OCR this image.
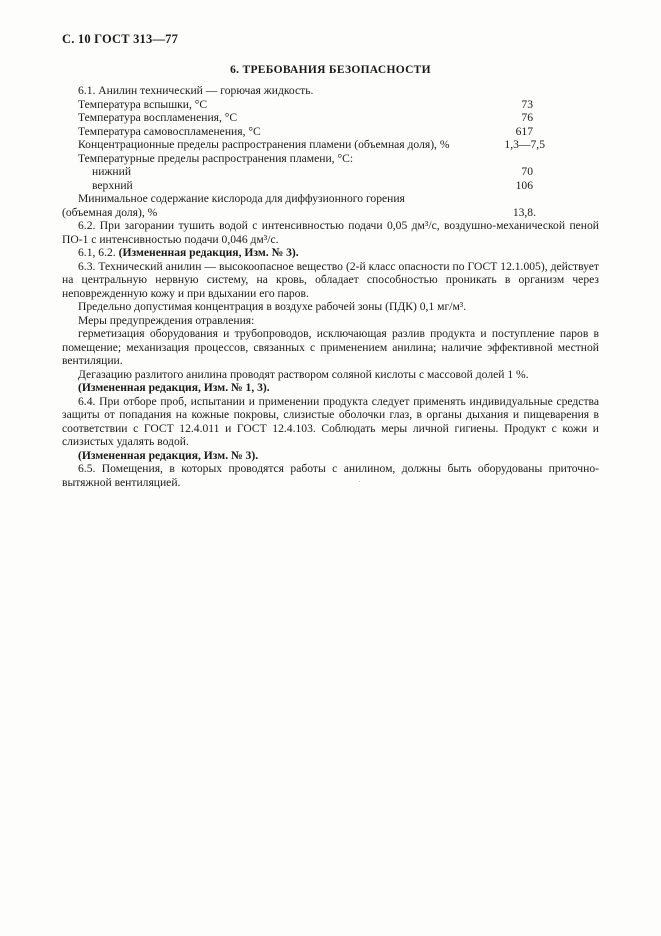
С. 10 ГОСТ 313—77
6. ТРЕБОВАНИЯ БЕЗОПАСНОСТИ

6.1. Анилин технический — горючая жидкость.

Температура вспышки, °С	73
Температура воспламенения, °С	76
Температура самовоспламенения, °С	617
Концентрационные пределы распространения пламени (объемная доля), %	1,3—7,5

Температурные пределы распространения пламени, °С:

нижний	70
верхний	106

Минимальное содержание кислорода для диффузионного горения

(объемная доля), %	13,8.

6.2. При загорании тушить водой с интенсивностью подачи 0,05 дм³/с, воздушно-механической пеной ПО-1 с интенсивностью подачи 0,046 дм³/с.

6.1, 6.2. (Измененная редакция, Изм. № 3).

6.3. Технический анилин — высокоопасное вещество (2-й класс опасности по ГОСТ 12.1.005), действует на центральную нервную систему, на кровь, обладает способностью проникать в организм через неповрежденную кожу и при вдыхании его паров.

Предельно допустимая концентрация в воздухе рабочей зоны (ПДК) 0,1 мг/м³.

Меры предупреждения отравления:

герметизация оборудования и трубопроводов, исключающая разлив продукта и поступление паров в помещение; механизация процессов, связанных с применением анилина; наличие эффективной местной вентиляции.

Дегазацию разлитого анилина проводят раствором соляной кислоты с массовой долей 1 %.

(Измененная редакция, Изм. № 1, 3).

6.4. При отборе проб, испытании и применении продукта следует применять индивидуальные средства защиты от попадания на кожные покровы, слизистые оболочки глаз, в органы дыхания и пищеварения в соответствии с ГОСТ 12.4.011 и ГОСТ 12.4.103. Соблюдать меры личной гигиены. Продукт с кожи и слизистых удалять водой.

(Измененная редакция, Изм. № 3).

6.5. Помещения, в которых проводятся работы с анилином, должны быть оборудованы приточно-вытяжной вентиляцией.
